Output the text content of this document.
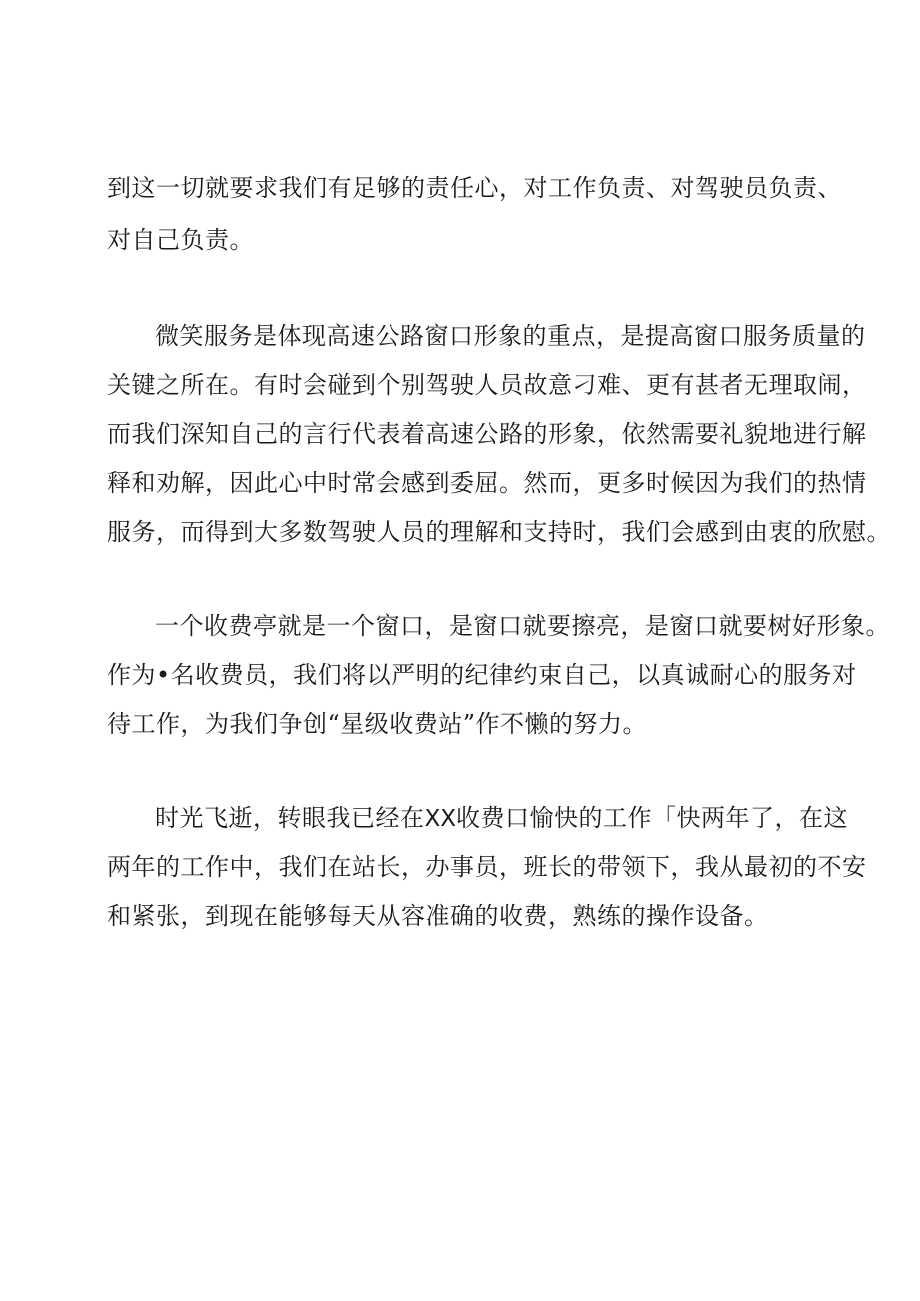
到这一切就要求我们有足够的责任心，对工作负责、对驾驶员负责、
对自己负责。
微笑服务是体现高速公路窗口形象的重点，是提高窗口服务质量的
关键之所在。有时会碰到个别驾驶人员故意刁难、更有甚者无理取闹，
而我们深知自己的言行代表着高速公路的形象，依然需要礼貌地进行解
释和劝解，因此心中时常会感到委屈。然而，更多时候因为我们的热情
服务，而得到大多数驾驶人员的理解和支持时，我们会感到由衷的欣慰。
一个收费亭就是一个窗口，是窗口就要擦亮，是窗口就要树好形象。
作为•名收费员，我们将以严明的纪律约束自己，以真诚耐心的服务对
待工作，为我们争创“星级收费站”作不懒的努力。
时光飞逝，转眼我已经在XX收费口愉快的工作「快两年了，在这
两年的工作中，我们在站长，办事员，班长的带领下，我从最初的不安
和紧张，到现在能够每天从容准确的收费，熟练的操作设备。
